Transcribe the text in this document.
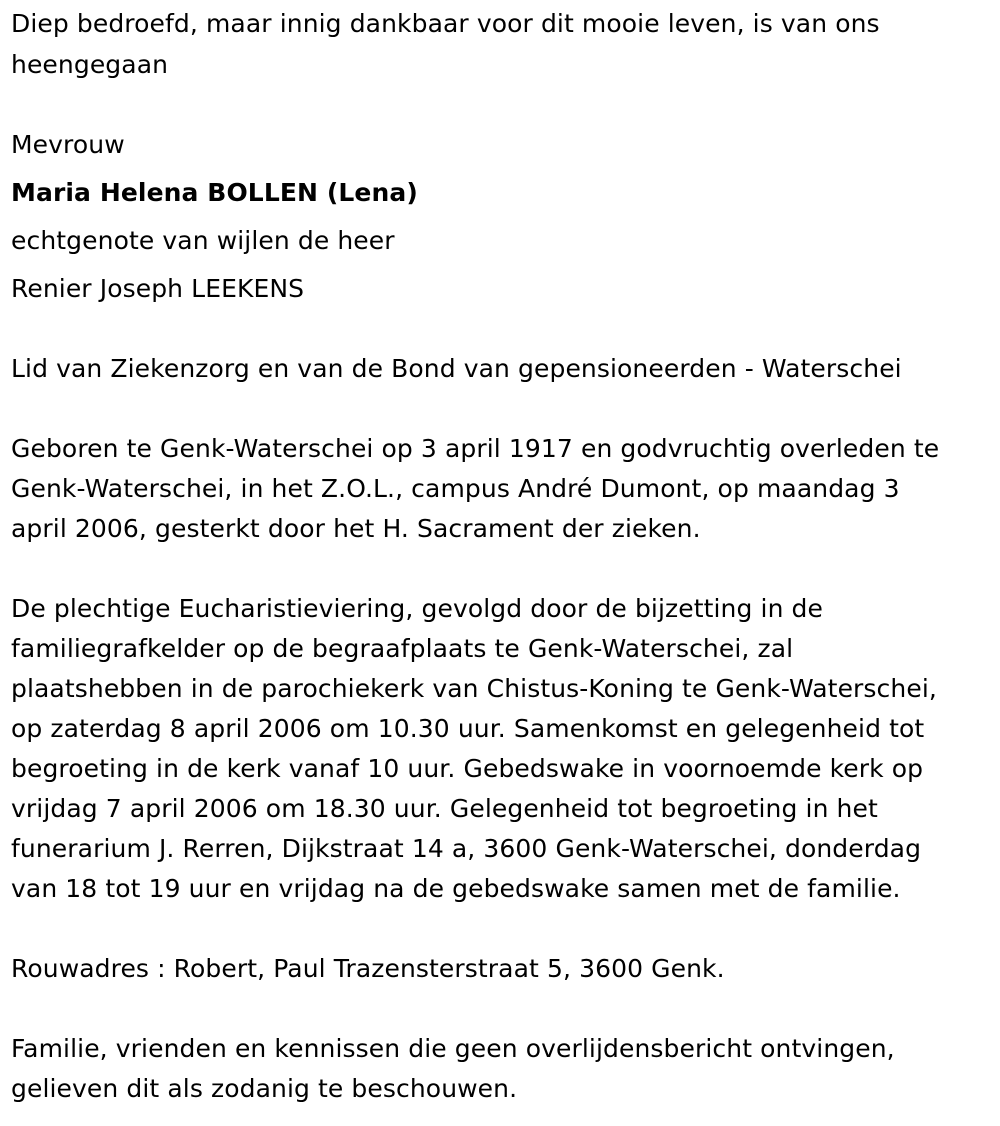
Diep bedroefd, maar innig dankbaar voor dit mooie leven, is van ons
heengegaan
Mevrouw
Maria Helena BOLLEN (Lena)
echtgenote van wijlen de heer
Renier Joseph LEEKENS
Lid van Ziekenzorg en van de Bond van gepensioneerden - Waterschei
Geboren te Genk-Waterschei op 3 april 1917 en godvruchtig overleden te
Genk-Waterschei, in het Z.O.L., campus André Dumont, op maandag 3
april 2006, gesterkt door het H. Sacrament der zieken.
De plechtige Eucharistieviering, gevolgd door de bijzetting in de
familiegrafkelder op de begraafplaats te Genk-Waterschei, zal
plaatshebben in de parochiekerk van Chistus-Koning te Genk-Waterschei,
op zaterdag 8 april 2006 om 10.30 uur. Samenkomst en gelegenheid tot
begroeting in de kerk vanaf 10 uur. Gebedswake in voornoemde kerk op
vrijdag 7 april 2006 om 18.30 uur. Gelegenheid tot begroeting in het
funerarium J. Rerren, Dijkstraat 14 a, 3600 Genk-Waterschei, donderdag
van 18 tot 19 uur en vrijdag na de gebedswake samen met de familie.
Rouwadres : Robert, Paul Trazensterstraat 5, 3600 Genk.
Familie, vrienden en kennissen die geen overlijdensbericht ontvingen,
gelieven dit als zodanig te beschouwen.
